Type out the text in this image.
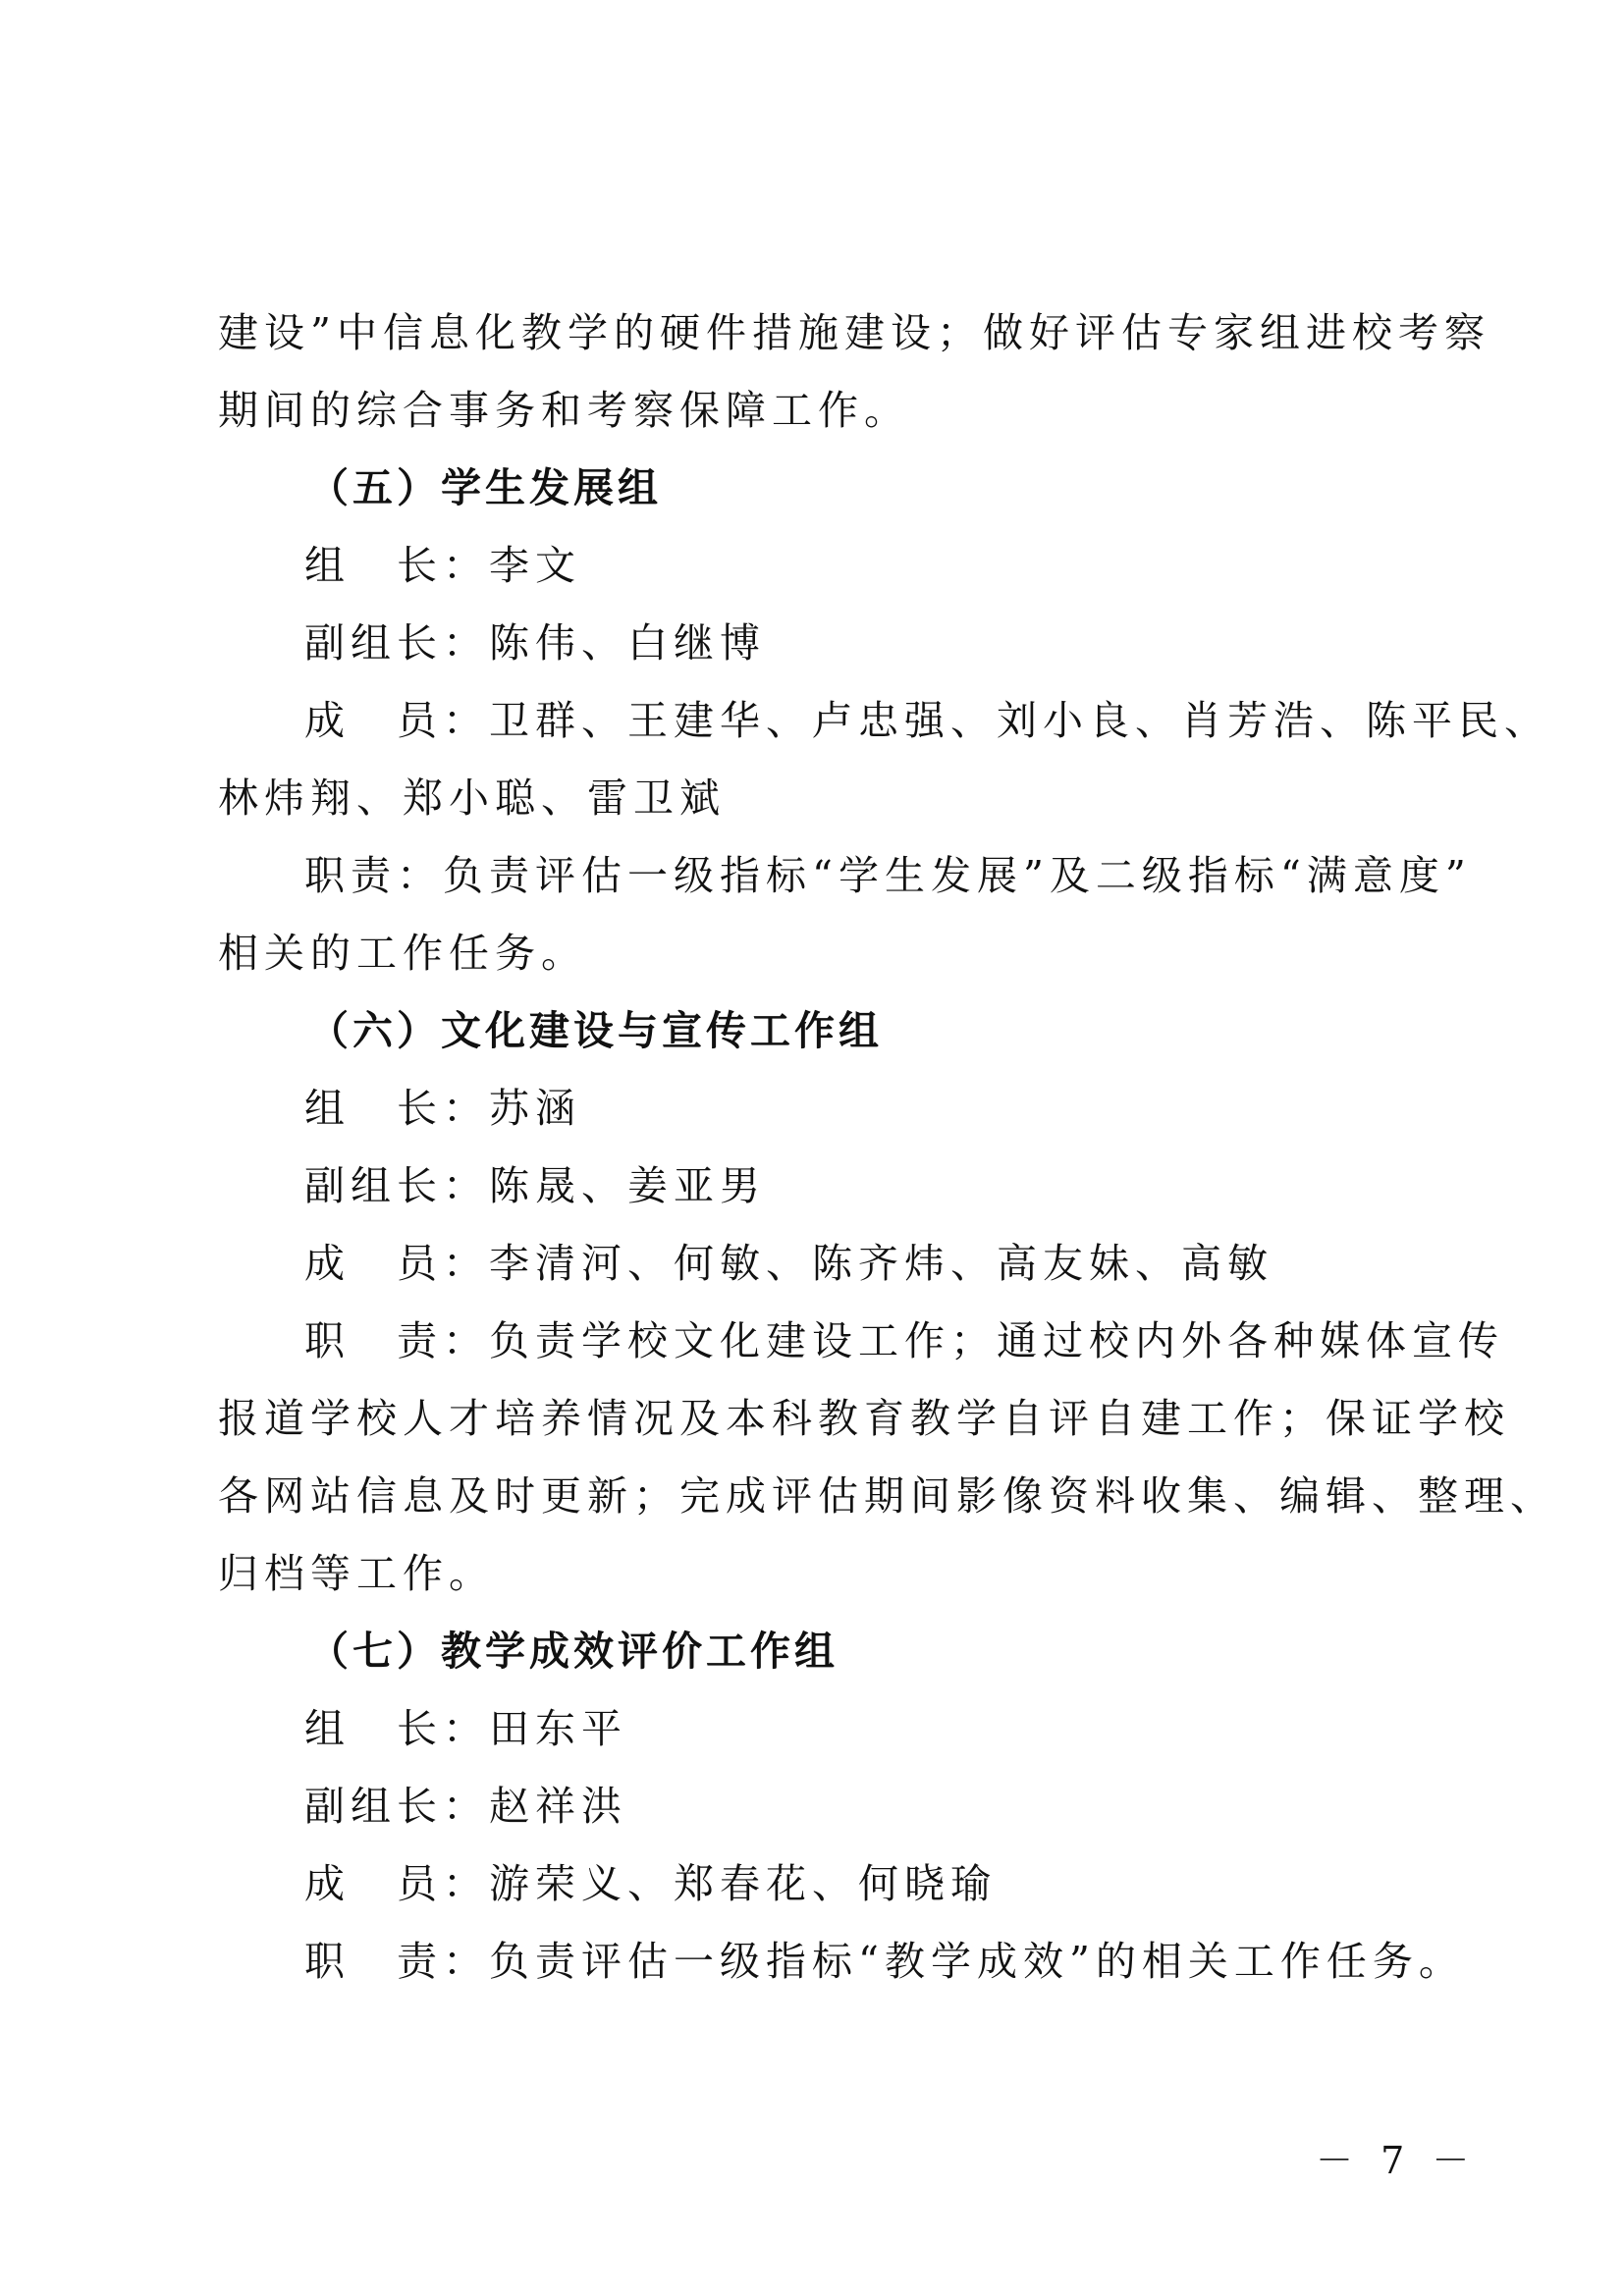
建设”中信息化教学的硬件措施建设；做好评估专家组进校考察
期间的综合事务和考察保障工作。
（五）学生发展组
组　长：李文
副组长：陈伟、白继博
成　员：卫群、王建华、卢忠强、刘小良、肖芳浩、陈平民、
林炜翔、郑小聪、雷卫斌
职责：负责评估一级指标“学生发展”及二级指标“满意度”
相关的工作任务。
（六）文化建设与宣传工作组
组　长：苏涵
副组长：陈晟、姜亚男
成　员：李清河、何敏、陈齐炜、高友妹、高敏
职　责：负责学校文化建设工作；通过校内外各种媒体宣传
报道学校人才培养情况及本科教育教学自评自建工作；保证学校
各网站信息及时更新；完成评估期间影像资料收集、编辑、整理、
归档等工作。
（七）教学成效评价工作组
组　长：田东平
副组长：赵祥洪
成　员：游荣义、郑春花、何晓瑜
职　责：负责评估一级指标“教学成效”的相关工作任务。
－ 7 －
